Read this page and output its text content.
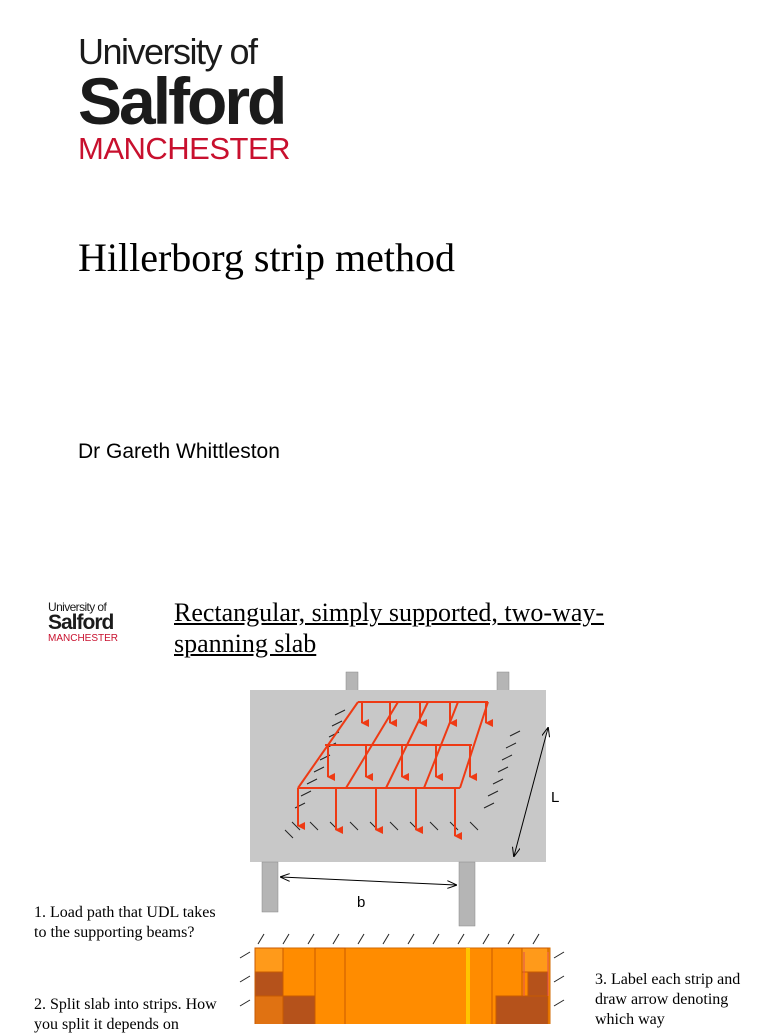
University of
Salford
MANCHESTER
Hillerborg strip method
Dr Gareth Whittleston
University of
Salford
MANCHESTER
Rectangular, simply supported, two-way-spanning slab
L
b
1. Load path that UDL takes to the supporting beams?
2. Split slab into strips. How you split it depends on
3. Label each strip and draw arrow denoting which way
